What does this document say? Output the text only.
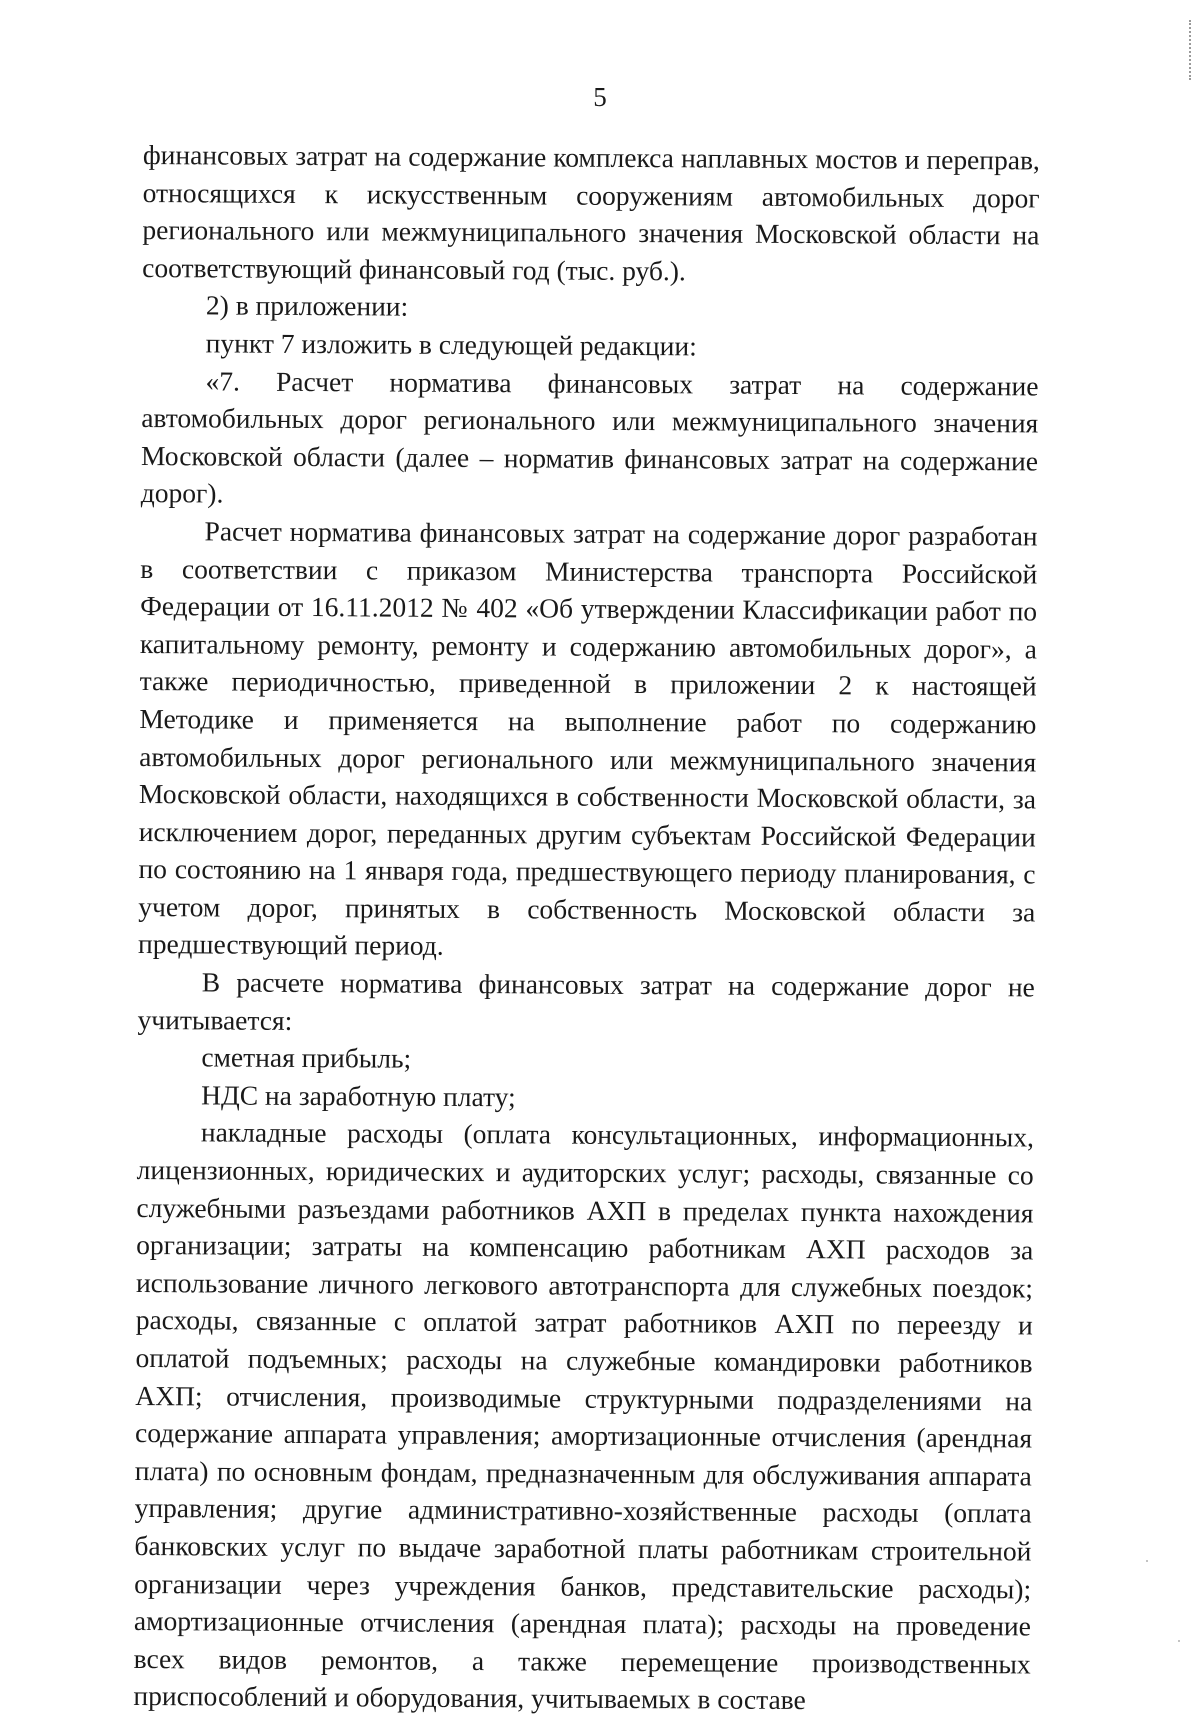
5

финансовых затрат на содержание комплекса наплавных мостов и переправ, относящихся к искусственным сооружениям автомобильных дорог регионального или межмуниципального значения Московской области на соответствующий финансовый год (тыс. руб.).

2) в приложении:

пункт 7 изложить в следующей редакции:

«7. Расчет норматива финансовых затрат на содержание автомобильных дорог регионального или межмуниципального значения Московской области (далее – норматив финансовых затрат на содержание дорог).

Расчет норматива финансовых затрат на содержание дорог разработан в соответствии с приказом Министерства транспорта Российской Федерации от 16.11.2012 № 402 «Об утверждении Классификации работ по капитальному ремонту, ремонту и содержанию автомобильных дорог», а также периодичностью, приведенной в приложении 2 к настоящей Методике и применяется на выполнение работ по содержанию автомобильных дорог регионального или межмуниципального значения Московской области, находящихся в собственности Московской области, за исключением дорог, переданных другим субъектам Российской Федерации по состоянию на 1 января года, предшествующего периоду планирования, с учетом дорог, принятых в собственность Московской области за предшествующий период.

В расчете норматива финансовых затрат на содержание дорог не учитывается:

сметная прибыль;

НДС на заработную плату;

накладные расходы (оплата консультационных, информационных, лицензионных, юридических и аудиторских услуг; расходы, связанные со служебными разъездами работников АХП в пределах пункта нахождения организации; затраты на компенсацию работникам АХП расходов за использование личного легкового автотранспорта для служебных поездок; расходы, связанные с оплатой затрат работников АХП по переезду и оплатой подъемных; расходы на служебные командировки работников АХП; отчисления, производимые структурными подразделениями на содержание аппарата управления; амортизационные отчисления (арендная плата) по основным фондам, предназначенным для обслуживания аппарата управления; другие административно-хозяйственные расходы (оплата банковских услуг по выдаче заработной платы работникам строительной организации через учреждения банков, представительские расходы); амортизационные отчисления (арендная плата); расходы на проведение всех видов ремонтов, а также перемещение производственных приспособлений и оборудования, учитываемых в составе
